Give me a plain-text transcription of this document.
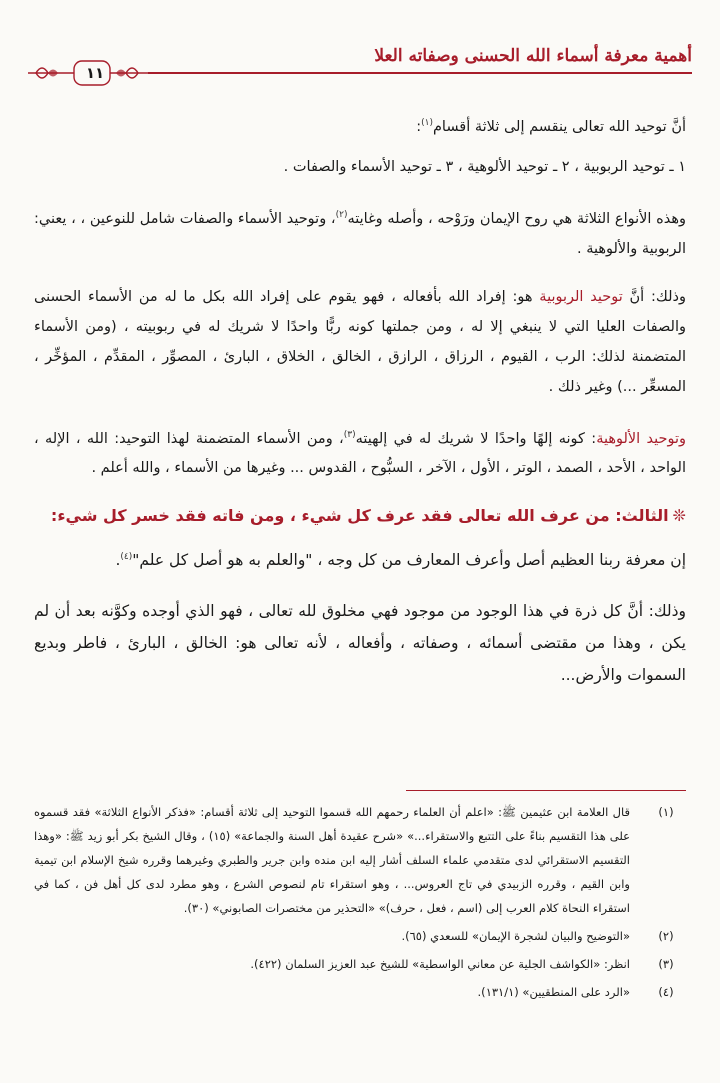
أهمية معرفة أسماء الله الحسنى وصفاته العلا
١١

أنَّ توحيد الله تعالى ينقسم إلى ثلاثة أقسام$^{(١)}$:

١ ـ توحيد الربوبية ، ٢ ـ توحيد الألوهية ، ٣ ـ توحيد الأسماء والصفات .

وهذه الأنواع الثلاثة هي روح الإيمان ورَوْحه ، وأصله وغايته$^{(٢)}$، وتوحيد الأسماء والصفات شامل للنوعين ، ، يعني: الربوبية والألوهية .

وذلك: أنَّ توحيد الربوبية هو: إفراد الله بأفعاله ، فهو يقوم على إفراد الله بكل ما له من الأسماء الحسنى والصفات العليا التي لا ينبغي إلا له ، ومن جملتها كونه ربًّا واحدًا لا شريك له في ربوبيته ، (ومن الأسماء المتضمنة لذلك: الرب ، القيوم ، الرزاق ، الرازق ، الخالق ، الخلاق ، البارئ ، المصوِّر ، المقدِّم ، المؤخِّر ، المسعِّر ...) وغير ذلك .

وتوحيد الألوهية: كونه إلهًا واحدًا لا شريك له في إلهيته$^{(٣)}$، ومن الأسماء المتضمنة لهذا التوحيد: الله ، الإله ، الواحد ، الأحد ، الصمد ، الوتر ، الأول ، الآخر ، السبُّوح ، القدوس ... وغيرها من الأسماء ، والله أعلم .

❊الثالث: من عرف الله تعالى فقد عرف كل شيء ، ومن فاته فقد خسر كل شيء:

إن معرفة ربنا العظيم أصل وأعرف المعارف من كل وجه ، "والعلم به هو أصل كل علم"$^{(٤)}$.

وذلك: أنَّ كل ذرة في هذا الوجود من موجود فهي مخلوق لله تعالى ، فهو الذي أوجده وكوَّنه بعد أن لم يكن ، وهذا من مقتضى أسمائه ، وصفاته ، وأفعاله ، لأنه تعالى هو: الخالق ، البارئ ، فاطر وبديع السموات والأرض...

(١)
قال العلامة ابن عثيمين ﷺ: «اعلم أن العلماء رحمهم الله قسموا التوحيد إلى ثلاثة أقسام: «فذكر الأنواع الثلاثة» فقد قسموه على هذا التقسيم بناءً على التتبع والاستقراء...» «شرح عقيدة أهل السنة والجماعة» (١٥) ، وقال الشيخ بكر أبو زيد ﷺ: «وهذا التقسيم الاستقرائي لدى متقدمي علماء السلف أشار إليه ابن منده وابن جرير والطبري وغيرهما وقرره شيخ الإسلام ابن تيمية وابن القيم ، وقرره الزبيدي في تاج العروس... ، وهو استقراء تام لنصوص الشرع ، وهو مطرد لدى كل أهل فن ، كما في استقراء النحاة كلام العرب إلى (اسم ، فعل ، حرف)» «التحذير من مختصرات الصابوني» (٣٠).
(٢)
«التوضيح والبيان لشجرة الإيمان» للسعدي (٦٥).
(٣)
انظر: «الكواشف الجلية عن معاني الواسطية» للشيخ عبد العزيز السلمان (٤٢٢).
(٤)
«الرد على المنطقيين» (١٣١/١).
